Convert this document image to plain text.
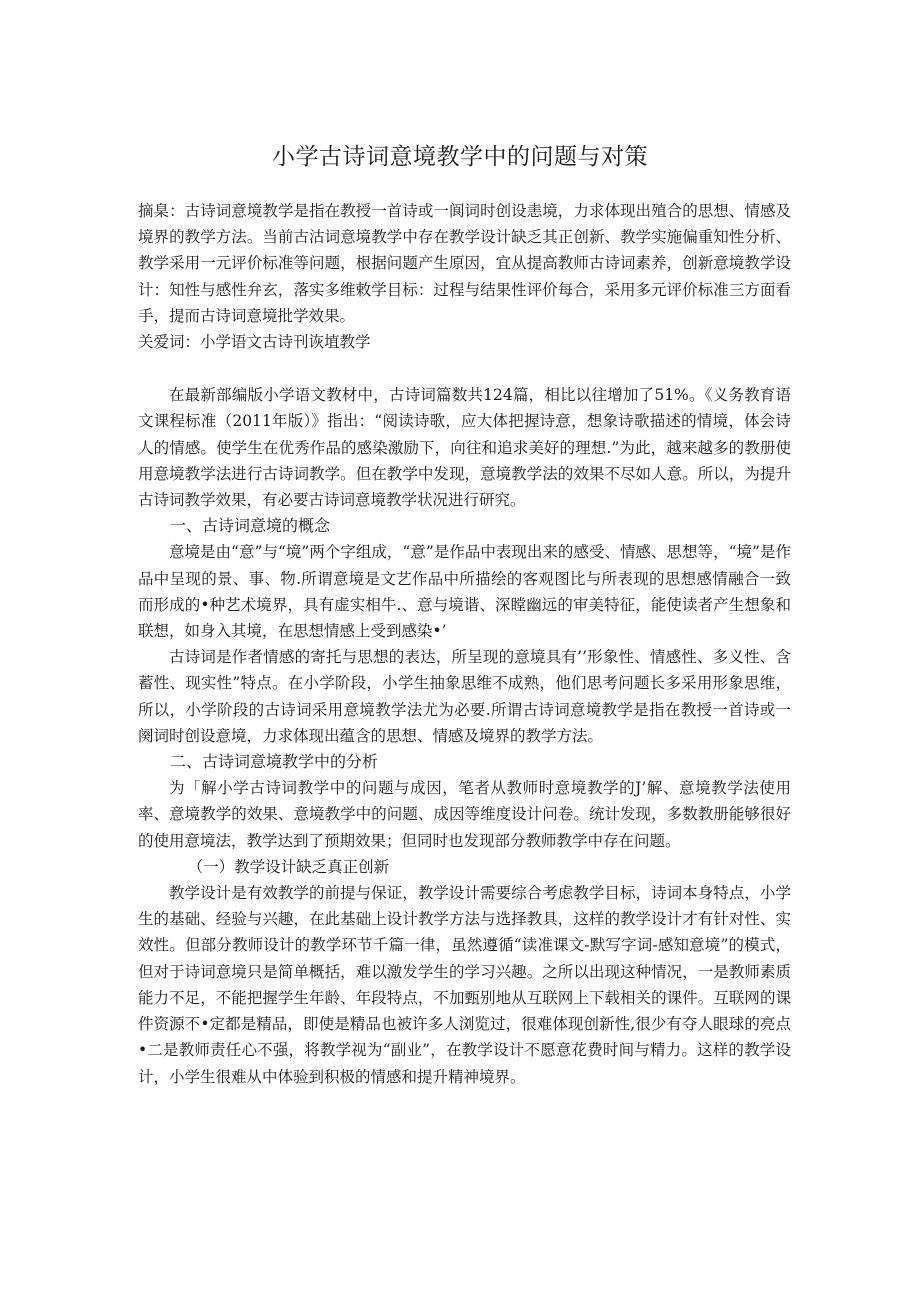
小学古诗词意境教学中的问题与对策

摘臬：古诗词意境教学是指在教授一首诗或一阆词时创设恚境，力求体现出殖合的思想、情感及境界的教学方法。当前古沽词意境教学中存在教学设计缺乏其正创新、教学实施偏重知性分析、教学采用一元评价标准等问题，根据问题产生原因，宜从提高教师古诗词素养，创新意境教学设计：知性与感性弁玄，落实多维敕学目标：过程与结果性评价每合，采用多元评价标准三方面看手，提而古诗词意境批学效果。

关爱词：小学语文古诗刊诙埴教学

在最新部编版小学语文教材中，古诗词篇数共124篇，相比以往增加了51%。《义务教育语文课程标准（2011年版）》指出：“阅读诗歌，应大体把握诗意，想象诗歌描述的情境，体会诗人的情感。使学生在优秀作品的感染激励下，向往和追求美好的理想.”为此，越来越多的教册使用意境教学法进行古诗词教学。但在教学中发现，意境教学法的效果不尽如人意。所以，为提升古诗词教学效果，有必要古诗词意境教学状况进行研究。

一、古诗词意境的概念

意境是由“意”与“境”两个字组成，“意”是作品中表现出来的感受、情感、思想等，“境”是作品中呈现的景、事、物.所谓意境是文艺作品中所描绘的客观图比与所表现的思想感情融合一致而形成的•种艺术境界，具有虚实相牛.、意与境谐、深瞠幽远的审美特征，能使读者产生想象和联想，如身入其境，在思想情感上受到感染•’

古诗词是作者情感的寄托与思想的表达，所呈现的意境具有’’形象性、情感性、多义性、含蓄性、现实性”特点。在小学阶段，小学生抽象思维不成熟，他们思考问题长多采用形象思维，所以，小学阶段的古诗词采用意境教学法尤为必要.所谓古诗词意境教学是指在教授一首诗或一阕词时创设意境，力求体现出蕴含的思想、情感及境界的教学方法。

二、古诗词意境教学中的分析

为「解小学古诗词教学中的问题与成因，笔者从教师时意境教学的J’解、意境教学法使用率、意境教学的效果、意境教学中的问题、成因等维度设计问卷。统计发现，多数教册能够很好的使用意境法，教学达到了预期效果；但同时也发现部分教师教学中存在问题。

（一）教学设计缺乏真正创新

教学设计是有效教学的前提与保证，教学设计需要综合考虑教学目标，诗词本身特点，小学生的基础、经验与兴趣，在此基础上设计教学方法与选择教具，这样的教学设计才有针对性、实效性。但部分教师设计的教学环节千篇一律，虽然遵循“读准课文-默写字词-感知意境”的模式，但对于诗词意境只是简单概括，难以激发学生的学习兴趣。之所以出现这种情况，一是教师素质能力不足，不能把握学生年龄、年段特点，不加甄别地从互联网上下载相关的课件。互联网的课件资源不•定都是精品，即使是精品也被许多人浏览过，很难体现创新性,很少有夺人眼球的亮点•二是教师责任心不强，将教学视为“副业”，在教学设计不愿意花费时间与精力。这样的教学设计，小学生很难从中体验到积极的情感和提升精神境界。
